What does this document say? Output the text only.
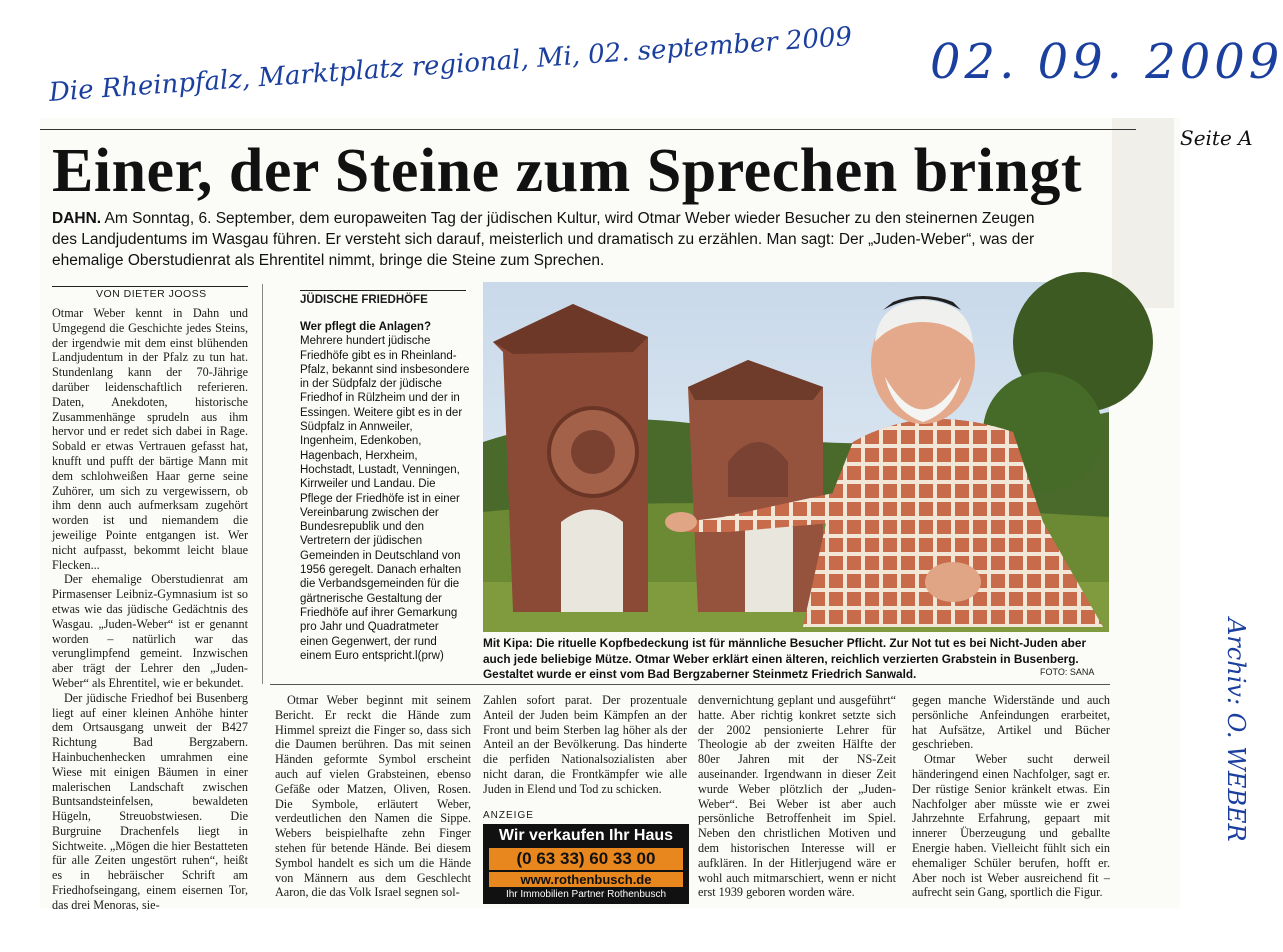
Die Rheinpfalz, Marktplatz regional, Mi, 02. september 2009 02. 09. 2009
Seite A
Archiv: O. WEBER
Einer, der Steine zum Sprechen bringt
DAHN. Am Sonntag, 6. September, dem europaweiten Tag der jüdischen Kultur, wird Otmar Weber wieder Besucher zu den steinernen Zeugen des Landjudentums im Wasgau führen. Er versteht sich darauf, meisterlich und dramatisch zu erzählen. Man sagt: Der „Juden-Weber“, was der ehemalige Oberstudienrat als Ehrentitel nimmt, bringe die Steine zum Sprechen.
VON DIETER JOOSS

Otmar Weber kennt in Dahn und Umgegend die Geschichte jedes Steins, der irgendwie mit dem einst blühenden Landjudentum in der Pfalz zu tun hat. Stundenlang kann der 70-Jährige darüber leidenschaftlich referieren. Daten, Anekdoten, historische Zusammenhänge sprudeln aus ihm hervor und er redet sich dabei in Rage. Sobald er etwas Vertrauen gefasst hat, knufft und pufft der bärtige Mann mit dem schlohweißen Haar gerne seine Zuhörer, um sich zu vergewissern, ob ihm denn auch aufmerksam zugehört worden ist und niemandem die jeweilige Pointe entgangen ist. Wer nicht aufpasst, bekommt leicht blaue Flecken...

Der ehemalige Oberstudienrat am Pirmasenser Leibniz-Gymnasium ist so etwas wie das jüdische Gedächtnis des Wasgau. „Juden-Weber“ ist er genannt worden – natürlich war das verunglimpfend gemeint. Inzwischen aber trägt der Lehrer den „Juden-Weber“ als Ehrentitel, wie er bekundet.

Der jüdische Friedhof bei Busenberg liegt auf einer kleinen Anhöhe hinter dem Ortsausgang unweit der B427 Richtung Bad Bergzabern. Hainbuchenhecken umrahmen eine Wiese mit einigen Bäumen in einer malerischen Landschaft zwischen Buntsandsteinfelsen, bewaldeten Hügeln, Streuobstwiesen. Die Burgruine Drachenfels liegt in Sichtweite. „Mögen die hier Bestatteten für alle Zeiten ungestört ruhen“, heißt es in hebräischer Schrift am Friedhofseingang, einem eisernen Tor, das drei Menoras, sie-

JÜDISCHE FRIEDHÖFE
Wer pflegt die Anlagen?
Mehrere hundert jüdische Friedhöfe gibt es in Rheinland-Pfalz, bekannt sind insbesondere in der Südpfalz der jüdische Friedhof in Rülzheim und der in Essingen. Weitere gibt es in der Südpfalz in Annweiler, Ingenheim, Edenkoben, Hagenbach, Herxheim, Hochstadt, Lustadt, Venningen, Kirrweiler und Landau. Die Pflege der Friedhöfe ist in einer Vereinbarung zwischen der Bundesrepublik und den Vertretern der jüdischen Gemeinden in Deutschland von 1956 geregelt. Danach erhalten die Verbandsgemeinden für die gärtnerische Gestaltung der Friedhöfe auf ihrer Gemarkung pro Jahr und Quadratmeter einen Gegenwert, der rund einem Euro entspricht.l(prw)
Mit Kipa: Die rituelle Kopfbedeckung ist für männliche Besucher Pflicht. Zur Not tut es bei Nicht-Juden aber auch jede beliebige Mütze. Otmar Weber erklärt einen älteren, reichlich verzierten Grabstein in Busenberg. Gestaltet wurde er einst vom Bad Bergzaberner Steinmetz Friedrich Sanwald.	FOTO: SANA

Otmar Weber beginnt mit seinem Bericht. Er reckt die Hände zum Himmel spreizt die Finger so, dass sich die Daumen berühren. Das mit seinen Händen geformte Symbol erscheint auch auf vielen Grabsteinen, ebenso Gefäße oder Matzen, Oliven, Rosen. Die Symbole, erläutert Weber, verdeutlichen den Namen die Sippe. Webers beispielhafte zehn Finger stehen für betende Hände. Bei diesem Symbol handelt es sich um die Hände von Männern aus dem Geschlecht Aaron, die das Volk Israel segnen sol-

Zahlen sofort parat. Der prozentuale Anteil der Juden beim Kämpfen an der Front und beim Sterben lag höher als der Anteil an der Bevölkerung. Das hinderte die perfiden Nationalsozialisten aber nicht daran, die Frontkämpfer wie alle Juden in Elend und Tod zu schicken.

ANZEIGE
Wir verkaufen Ihr Haus
(0 63 33) 60 33 00
www.rothenbusch.de
Ihr Immobilien Partner Rothenbusch

denvernichtung geplant und ausgeführt“ hatte. Aber richtig konkret setzte sich der 2002 pensionierte Lehrer für Theologie ab der zweiten Hälfte der 80er Jahren mit der NS-Zeit auseinander. Irgendwann in dieser Zeit wurde Weber plötzlich der „Juden-Weber“. Bei Weber ist aber auch persönliche Betroffenheit im Spiel. Neben den christlichen Motiven und dem historischen Interesse will er aufklären. In der Hitlerjugend wäre er wohl auch mitmarschiert, wenn er nicht erst 1939 geboren worden wäre.

gegen manche Widerstände und auch persönliche Anfeindungen erarbeitet, hat Aufsätze, Artikel und Bücher geschrieben.

Otmar Weber sucht derweil händeringend einen Nachfolger, sagt er. Der rüstige Senior kränkelt etwas. Ein Nachfolger aber müsste wie er zwei Jahrzehnte Erfahrung, gepaart mit innerer Überzeugung und geballte Energie haben. Vielleicht fühlt sich ein ehemaliger Schüler berufen, hofft er. Aber noch ist Weber ausreichend fit – aufrecht sein Gang, sportlich die Figur.
